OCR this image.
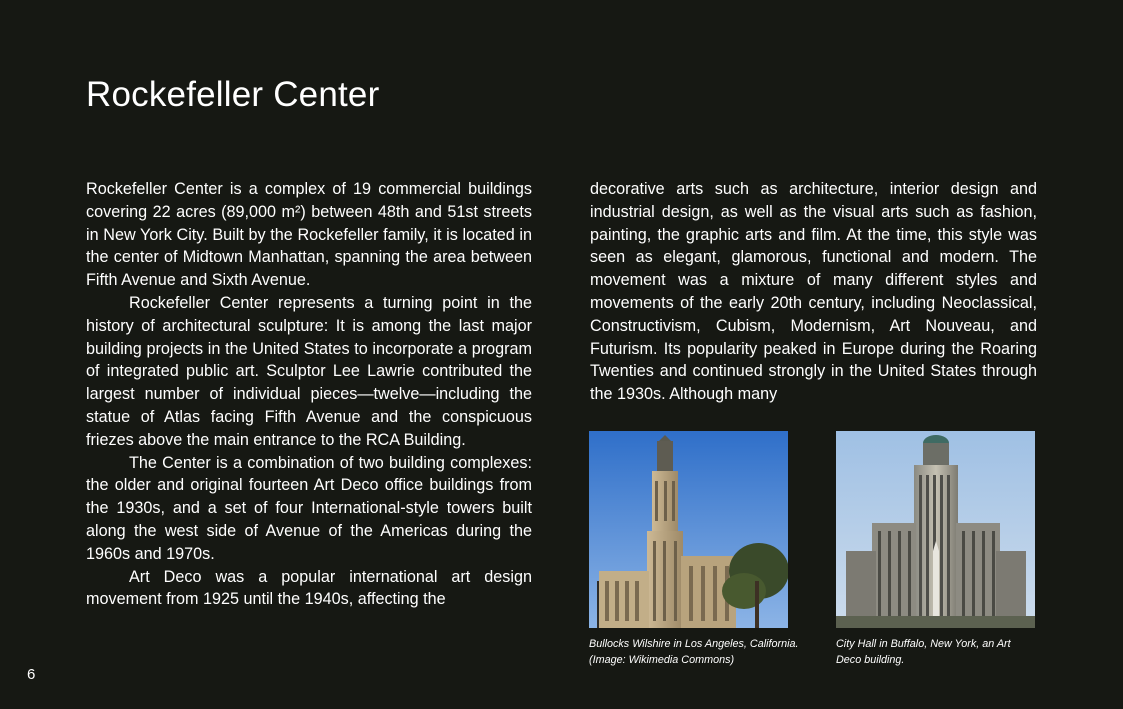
Rockefeller Center

Rockefeller Center is a complex of 19 commercial buildings covering 22 acres (89,000 m²) between 48th and 51st streets in New York City. Built by the Rockefeller family, it is located in the center of Midtown Manhattan, spanning the area between Fifth Avenue and Sixth Avenue.

Rockefeller Center represents a turning point in the history of architectural sculpture: It is among the last major building projects in the United States to incorporate a program of integrated public art. Sculptor Lee Lawrie contributed the largest number of individual pieces—twelve—including the statue of Atlas facing Fifth Avenue and the conspicuous friezes above the main entrance to the RCA Building.

The Center is a combination of two building complexes: the older and original fourteen Art Deco office buildings from the 1930s, and a set of four International-style towers built along the west side of Avenue of the Americas during the 1960s and 1970s.

Art Deco was a popular international art design movement from 1925 until the 1940s, affecting the

decorative arts such as architecture, interior design and industrial design, as well as the visual arts such as fashion, painting, the graphic arts and film. At the time, this style was seen as elegant, glamorous, functional and modern. The movement was a mixture of many different styles and movements of the early 20th century, including Neoclassical, Constructivism, Cubism, Modernism, Art Nouveau, and Futurism. Its popularity peaked in Europe during the Roaring Twenties and continued strongly in the United States through the 1930s. Although many

Bullocks Wilshire in Los Angeles, California. (Image: Wikimedia Commons)
City Hall in Buffalo, New York, an Art Deco building.
6
